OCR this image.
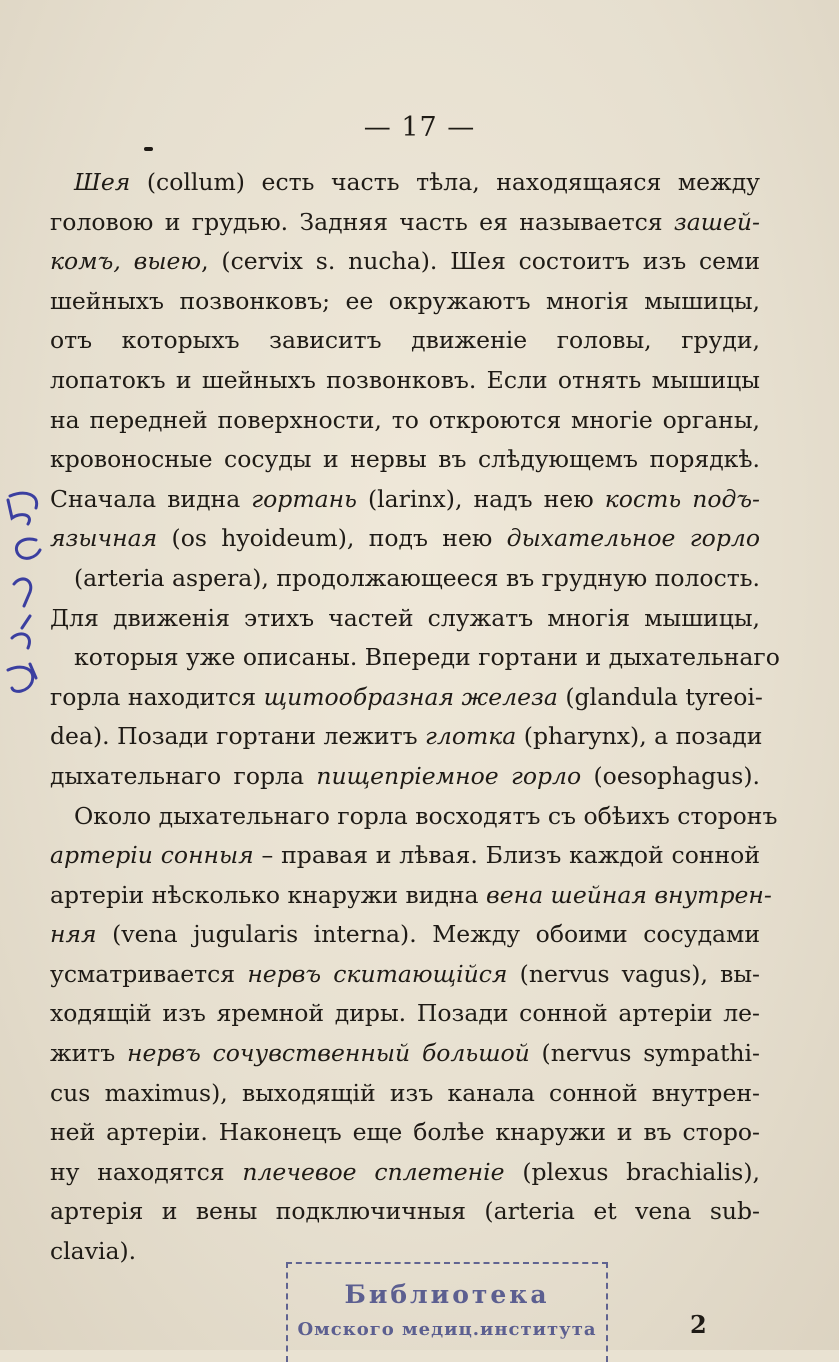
— 17 —
Шея (collum) есть часть тѣла, находящаяся между
головою и грудью. Задняя часть ея называется зашей-
комъ, выею, (cervix s. nucha). Шея состоитъ изъ семи
шейныхъ позвонковъ; ее окружаютъ многія мышицы,
отъ которыхъ зависитъ движеніе головы, груди,
лопатокъ и шейныхъ позвонковъ. Если отнять мышицы
на передней поверхности, то откроются многіе органы,
кровоносные сосуды и нервы въ слѣдующемъ порядкѣ.
Сначала видна гортань (larinx), надъ нею кость подъ-
язычная (os hyoideum), подъ нею дыхательное горло
(arteria aspera), продолжающееся въ грудную полость.
Для движенія этихъ частей служатъ многія мышицы,
которыя уже описаны. Впереди гортани и дыхательнаго
горла находится щитообразная железа (glandula tyreoi-
dea). Позади гортани лежитъ глотка (pharynx), а позади
дыхательнаго горла пищепріемное горло (oesophagus).
Около дыхательнаго горла восходятъ съ обѣихъ сторонъ
артеріи сонныя – правая и лѣвая. Близъ каждой сонной
артеріи нѣсколько кнаружи видна вена шейная внутрен-
няя (vena jugularis interna). Между обоими сосудами
усматривается нервъ скитающійся (nervus vagus), вы-
ходящій изъ яремной диры. Позади сонной артеріи ле-
житъ нервъ сочувственный большой (nervus sympathi-
cus maximus), выходящій изъ канала сонной внутрен-
ней артеріи. Наконецъ еще болѣе кнаружи и въ сторо-
ну находятся плечевое сплетеніе (plexus brachialis),
артерія и вены подключичныя (arteria et vena sub-
clavia).
Библиотека
Омского медиц.института	2
